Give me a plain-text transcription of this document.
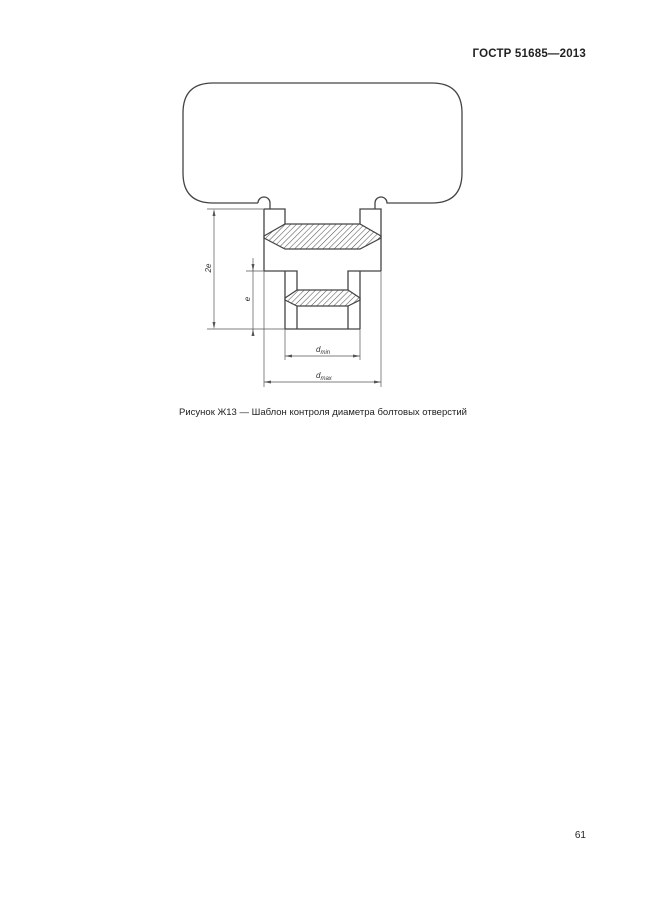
ГОСТР 51685—2013
2e
e
$d_{min}$
$d_{max}$
Рисунок Ж13 — Шаблон контроля диаметра болтовых отверстий
61
